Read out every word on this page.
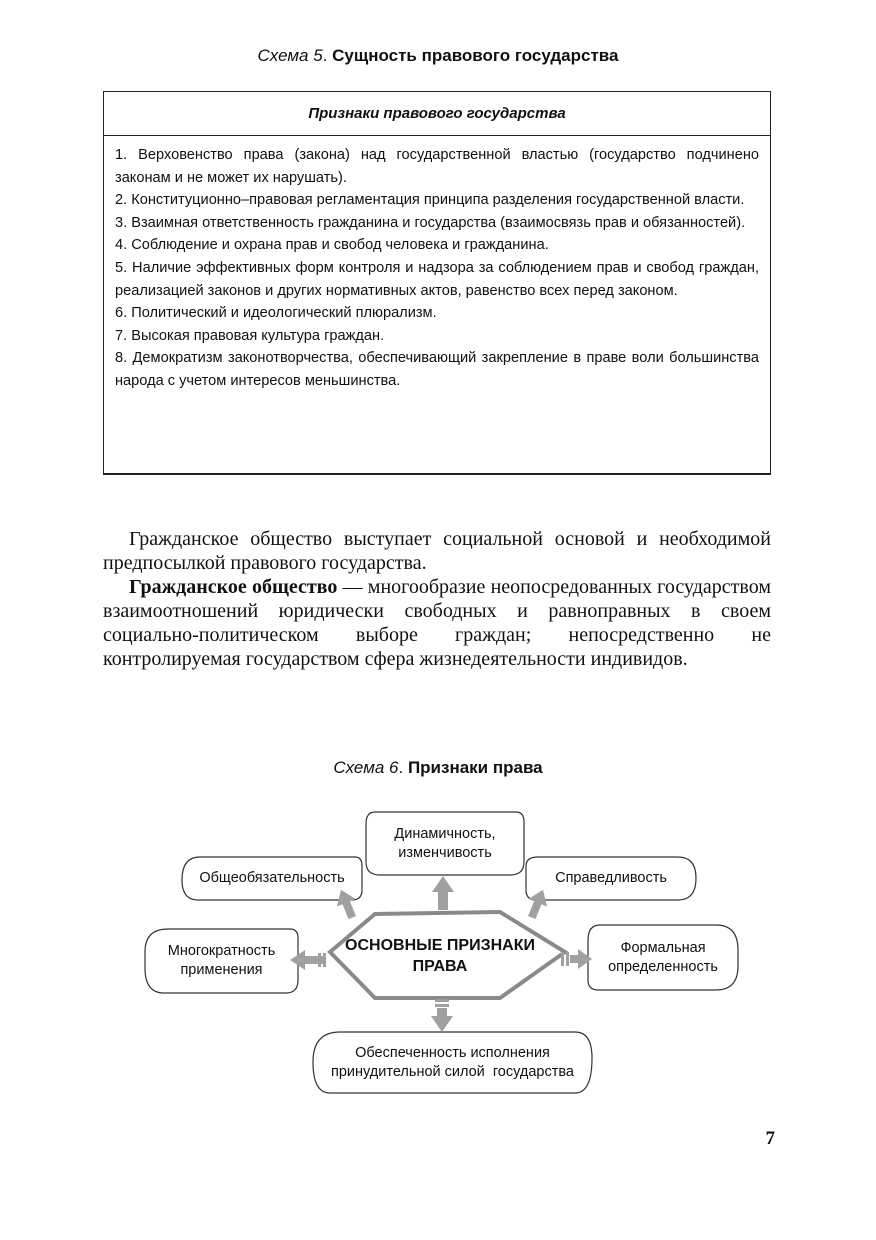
Схема 5. Сущность правового государства
Признаки правового государства

1. Верховенство права (закона) над государственной властью (государство подчинено законам и не может их нарушать).

2. Конституционно–правовая регламентация принципа разделения государственной власти.

3. Взаимная ответственность гражданина и государства (взаимосвязь прав и обязанностей).

4. Соблюдение и охрана прав и свобод человека и гражданина.

5. Наличие эффективных форм контроля и надзора за соблюдением прав и свобод граждан, реализацией законов и других нормативных актов, равенство всех перед законом.

6. Политический и идеологический плюрализм.

7. Высокая правовая культура граждан.

8. Демократизм законотворчества, обеспечивающий закрепление в праве воли большинства народа с учетом интересов меньшинства.

Гражданское общество выступает социальной основой и необходимой предпосылкой правового государства.

Гражданское общество — многообразие неопосредованных государством взаимоотношений юридически свободных и равноправных в своем социально-политическом выборе граждан; непосредственно не контролируемая государством сфера жизнедеятельности индивидов.

Схема 6. Признаки права
ОСНОВНЫЕ ПРИЗНАКИ
ПРАВА
Динамичность,
изменчивость
Общеобязательность	Справедливость
Многократность
применения
Формальная
определенность
Обеспеченность исполнения
принудительной силой  государства
7
